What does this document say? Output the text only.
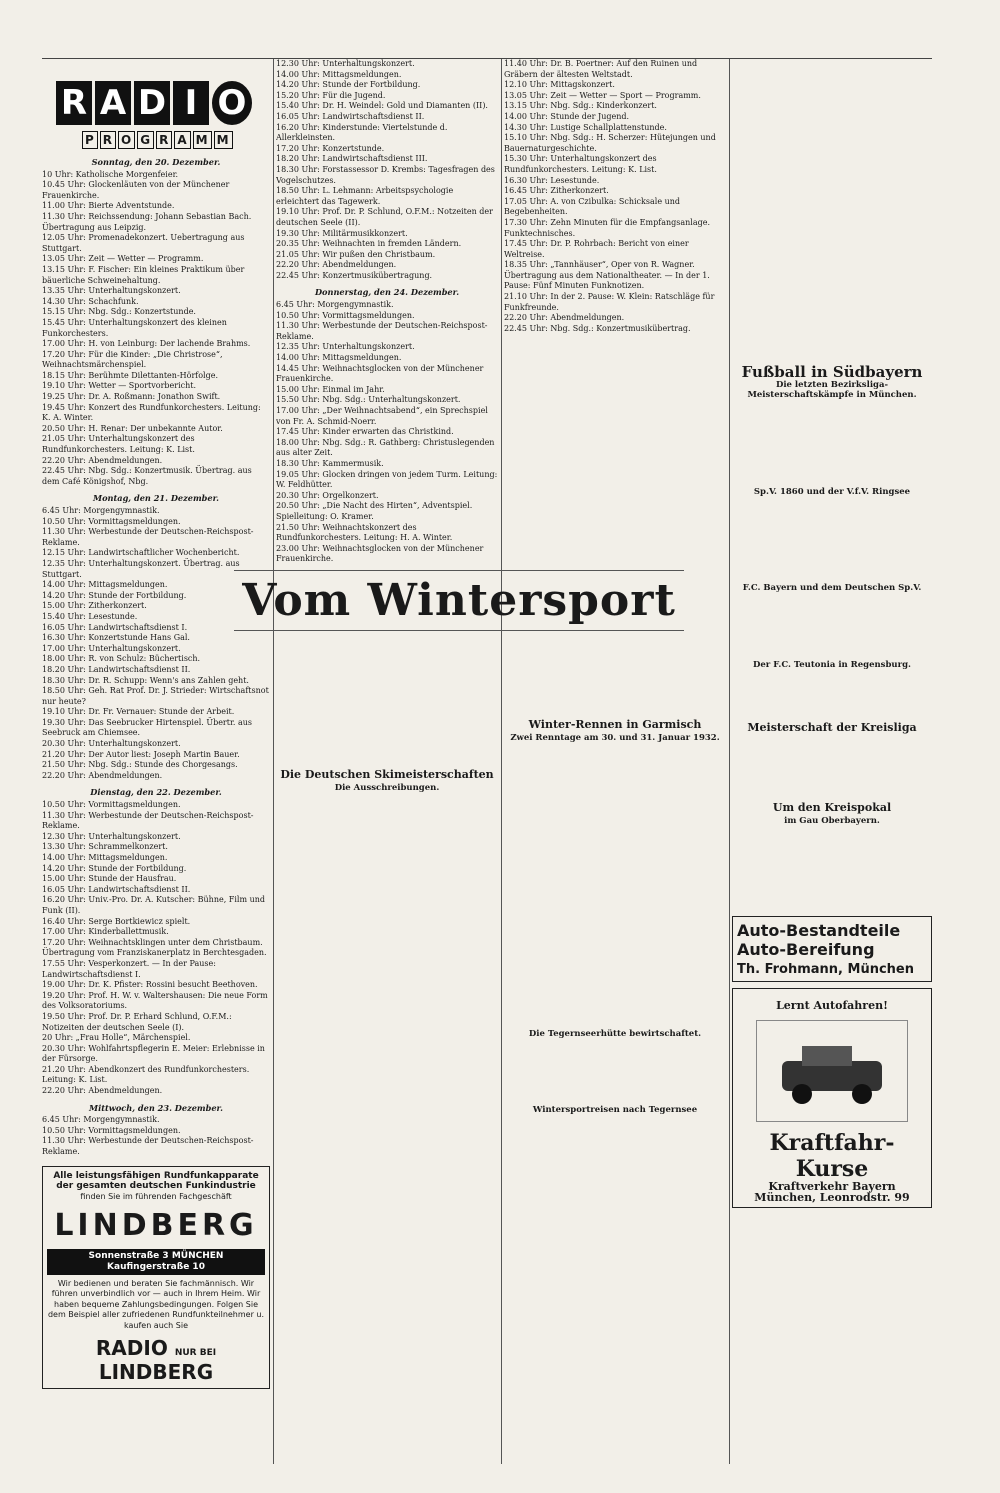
R A D I O
P R O G R A M M
Sonntag, den 20. Dezember.

10 Uhr: Katholische Morgenfeier.

10.45 Uhr: Glockenläuten von der Münchener Frauenkirche.

11.00 Uhr: Bierte Adventstunde.

11.30 Uhr: Reichssendung: Johann Sebastian Bach. Übertragung aus Leipzig.

12.05 Uhr: Promenadekonzert. Uebertragung aus Stuttgart.

13.05 Uhr: Zeit — Wetter — Programm.

13.15 Uhr: F. Fischer: Ein kleines Praktikum über bäuerliche Schweinehaltung.

13.35 Uhr: Unterhaltungskonzert.

14.30 Uhr: Schachfunk.

15.15 Uhr: Nbg. Sdg.: Konzertstunde.

15.45 Uhr: Unterhaltungskonzert des kleinen Funkorchesters.

17.00 Uhr: H. von Leinburg: Der lachende Brahms.

17.20 Uhr: Für die Kinder: „Die Christrose“, Weihnachtsmärchenspiel.

18.15 Uhr: Berühmte Dilettanten-Hörfolge.

19.10 Uhr: Wetter — Sportvorbericht.

19.25 Uhr: Dr. A. Roßmann: Jonathon Swift.

19.45 Uhr: Konzert des Rundfunkorchesters. Leitung: K. A. Winter.

20.50 Uhr: H. Renar: Der unbekannte Autor.

21.05 Uhr: Unterhaltungskonzert des Rundfunkorchesters. Leitung: K. List.

22.20 Uhr: Abendmeldungen.

22.45 Uhr: Nbg. Sdg.: Konzertmusik. Übertrag. aus dem Café Königshof, Nbg.

Montag, den 21. Dezember.

6.45 Uhr: Morgengymnastik.

10.50 Uhr: Vormittagsmeldungen.

11.30 Uhr: Werbestunde der Deutschen-Reichspost-Reklame.

12.15 Uhr: Landwirtschaftlicher Wochenbericht.

12.35 Uhr: Unterhaltungskonzert. Übertrag. aus Stuttgart.

14.00 Uhr: Mittagsmeldungen.

14.20 Uhr: Stunde der Fortbildung.

15.00 Uhr: Zitherkonzert.

15.40 Uhr: Lesestunde.

16.05 Uhr: Landwirtschaftsdienst I.

16.30 Uhr: Konzertstunde Hans Gal.

17.00 Uhr: Unterhaltungskonzert.

18.00 Uhr: R. von Schulz: Büchertisch.

18.20 Uhr: Landwirtschaftsdienst II.

18.30 Uhr: Dr. R. Schupp: Wenn's ans Zahlen geht.

18.50 Uhr: Geh. Rat Prof. Dr. J. Strieder: Wirtschaftsnot nur heute?

19.10 Uhr: Dr. Fr. Vernauer: Stunde der Arbeit.

19.30 Uhr: Das Seebrucker Hirtenspiel. Übertr. aus Seebruck am Chiemsee.

20.30 Uhr: Unterhaltungskonzert.

21.20 Uhr: Der Autor liest: Joseph Martin Bauer.

21.50 Uhr: Nbg. Sdg.: Stunde des Chorgesangs.

22.20 Uhr: Abendmeldungen.

Dienstag, den 22. Dezember.

10.50 Uhr: Vormittagsmeldungen.

11.30 Uhr: Werbestunde der Deutschen-Reichspost-Reklame.

12.30 Uhr: Unterhaltungskonzert.

13.30 Uhr: Schrammelkonzert.

14.00 Uhr: Mittagsmeldungen.

14.20 Uhr: Stunde der Fortbildung.

15.00 Uhr: Stunde der Hausfrau.

16.05 Uhr: Landwirtschaftsdienst II.

16.20 Uhr: Univ.-Pro. Dr. A. Kutscher: Bühne, Film und Funk (II).

16.40 Uhr: Serge Bortkiewicz spielt.

17.00 Uhr: Kinderballettmusik.

17.20 Uhr: Weihnachtsklingen unter dem Christbaum. Übertragung vom Franziskanerplatz in Berchtesgaden.

17.55 Uhr: Vesperkonzert. — In der Pause: Landwirtschaftsdienst I.

19.00 Uhr: Dr. K. Pfister: Rossini besucht Beethoven.

19.20 Uhr: Prof. H. W. v. Waltershausen: Die neue Form des Volksoratoriums.

19.50 Uhr: Prof. Dr. P. Erhard Schlund, O.F.M.: Notizeiten der deutschen Seele (I).

20 Uhr: „Frau Holle“, Märchenspiel.

20.30 Uhr: Wohlfahrtspflegerin E. Meier: Erlebnisse in der Fürsorge.

21.20 Uhr: Abendkonzert des Rundfunkorchesters. Leitung: K. List.

22.20 Uhr: Abendmeldungen.

Mittwoch, den 23. Dezember.

6.45 Uhr: Morgengymnastik.

10.50 Uhr: Vormittagsmeldungen.

11.30 Uhr: Werbestunde der Deutschen-Reichspost-Reklame.

Alle leistungsfähigen Rundfunkapparate der gesamten deutschen Funkindustrie
finden Sie im führenden Fachgeschäft
LINDBERG
Sonnenstraße 3 MÜNCHEN Kaufingerstraße 10
Wir bedienen und beraten Sie fachmännisch. Wir führen unverbindlich vor — auch in Ihrem Heim. Wir haben bequeme Zahlungsbedingungen. Folgen Sie dem Beispiel aller zufriedenen Rundfunkteilnehmer u. kaufen auch Sie
RADIO NUR BEI LINDBERG

12.30 Uhr: Unterhaltungskonzert.

14.00 Uhr: Mittagsmeldungen.

14.20 Uhr: Stunde der Fortbildung.

15.20 Uhr: Für die Jugend.

15.40 Uhr: Dr. H. Weindel: Gold und Diamanten (II).

16.05 Uhr: Landwirtschaftsdienst II.

16.20 Uhr: Kinderstunde: Viertelstunde d. Allerkleinsten.

17.20 Uhr: Konzertstunde.

18.20 Uhr: Landwirtschaftsdienst III.

18.30 Uhr: Forstassessor D. Krembs: Tagesfragen des Vogelschutzes.

18.50 Uhr: L. Lehmann: Arbeitspsychologie erleichtert das Tagewerk.

19.10 Uhr: Prof. Dr. P. Schlund, O.F.M.: Notzeiten der deutschen Seele (II).

19.30 Uhr: Militärmusikkonzert.

20.35 Uhr: Weihnachten in fremden Ländern.

21.05 Uhr: Wir pußen den Christbaum.

22.20 Uhr: Abendmeldungen.

22.45 Uhr: Konzertmusikübertragung.

Donnerstag, den 24. Dezember.

6.45 Uhr: Morgengymnastik.

10.50 Uhr: Vormittagsmeldungen.

11.30 Uhr: Werbestunde der Deutschen-Reichspost-Reklame.

12.35 Uhr: Unterhaltungskonzert.

14.00 Uhr: Mittagsmeldungen.

14.45 Uhr: Weihnachtsglocken von der Münchener Frauenkirche.

15.00 Uhr: Einmal im Jahr.

15.50 Uhr: Nbg. Sdg.: Unterhaltungskonzert.

17.00 Uhr: „Der Weihnachtsabend“, ein Sprechspiel von Fr. A. Schmid-Noerr.

17.45 Uhr: Kinder erwarten das Christkind.

18.00 Uhr: Nbg. Sdg.: R. Gathberg: Christuslegenden aus alter Zeit.

18.30 Uhr: Kammermusik.

19.05 Uhr: Glocken dringen von jedem Turm. Leitung: W. Feldhütter.

20.30 Uhr: Orgelkonzert.

20.50 Uhr: „Die Nacht des Hirten“, Adventspiel. Spielleitung: O. Kramer.

21.50 Uhr: Weihnachtskonzert des Rundfunkorchesters. Leitung: H. A. Winter.

23.00 Uhr: Weihnachtsglocken von der Münchener Frauenkirche.

11.40 Uhr: Dr. B. Poertner: Auf den Ruinen und Gräbern der ältesten Weltstadt.

12.10 Uhr: Mittagskonzert.

13.05 Uhr: Zeit — Wetter — Sport — Programm.

13.15 Uhr: Nbg. Sdg.: Kinderkonzert.

14.00 Uhr: Stunde der Jugend.

14.30 Uhr: Lustige Schallplattenstunde.

15.10 Uhr: Nbg. Sdg.: H. Scherzer: Hütejungen und Bauernaturgeschichte.

15.30 Uhr: Unterhaltungskonzert des Rundfunkorchesters. Leitung: K. List.

16.30 Uhr: Lesestunde.

16.45 Uhr: Zitherkonzert.

17.05 Uhr: A. von Czibulka: Schicksale und Begebenheiten.

17.30 Uhr: Zehn Minuten für die Empfangsanlage. Funktechnisches.

17.45 Uhr: Dr. P. Rohrbach: Bericht von einer Weltreise.

18.35 Uhr: „Tannhäuser“, Oper von R. Wagner. Übertragung aus dem Nationaltheater. — In der 1. Pause: Fünf Minuten Funknotizen.

21.10 Uhr: In der 2. Pause: W. Klein: Ratschläge für Funkfreunde.

22.20 Uhr: Abendmeldungen.

22.45 Uhr: Nbg. Sdg.: Konzertmusikübertrag.

Fußball in Südbayern
Die letzten Bezirksliga-Meisterschaftskämpfe in München.
Sp.V. 1860 und der V.f.V. Ringsee
F.C. Bayern und dem Deutschen Sp.V.
Der F.C. Teutonia in Regensburg.
Meisterschaft der Kreisliga
Um den Kreispokal
im Gau Oberbayern.
Auto-Bestandteile
Auto-Bereifung
Th. Frohmann, München
Lernt Autofahren!
Kraftfahr-Kurse
Kraftverkehr Bayern
München, Leonrodstr. 99
Vom Wintersport
Die Deutschen Skimeisterschaften
Die Ausschreibungen.
Winter-Rennen in Garmisch
Zwei Renntage am 30. und 31. Januar 1932.
Die Tegernseerhütte bewirtschaftet.
Wintersportreisen nach Tegernsee
